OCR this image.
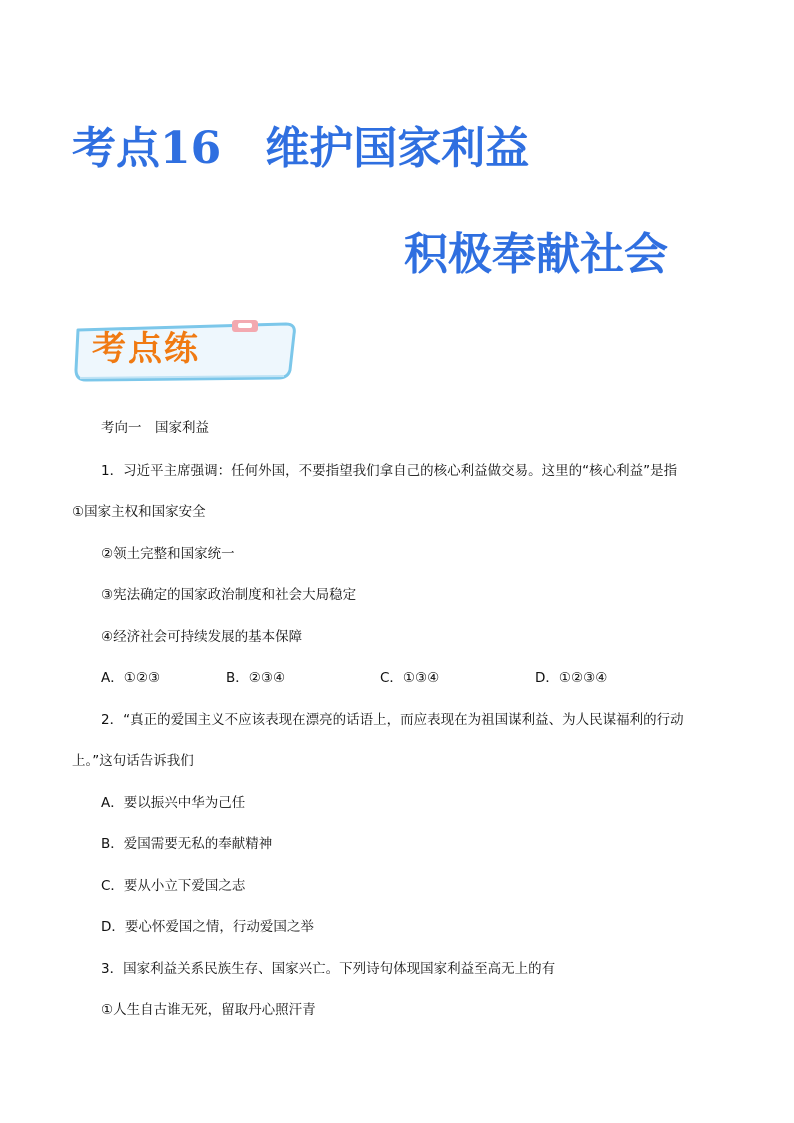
考点16　维护国家利益
积极奉献社会
考点练
考向一　国家利益
1．习近平主席强调：任何外国，不要指望我们拿自己的核心利益做交易。这里的“核心利益”是指
①国家主权和国家安全
②领土完整和国家统一
③宪法确定的国家政治制度和社会大局稳定
④经济社会可持续发展的基本保障
A．①②③	B．②③④	C．①③④	D．①②③④
2．“真正的爱国主义不应该表现在漂亮的话语上，而应表现在为祖国谋利益、为人民谋福利的行动
上。”这句话告诉我们
A．要以振兴中华为己任
B．爱国需要无私的奉献精神
C．要从小立下爱国之志
D．要心怀爱国之情，行动爱国之举
3．国家利益关系民族生存、国家兴亡。下列诗句体现国家利益至高无上的有
①人生自古谁无死，留取丹心照汗青
